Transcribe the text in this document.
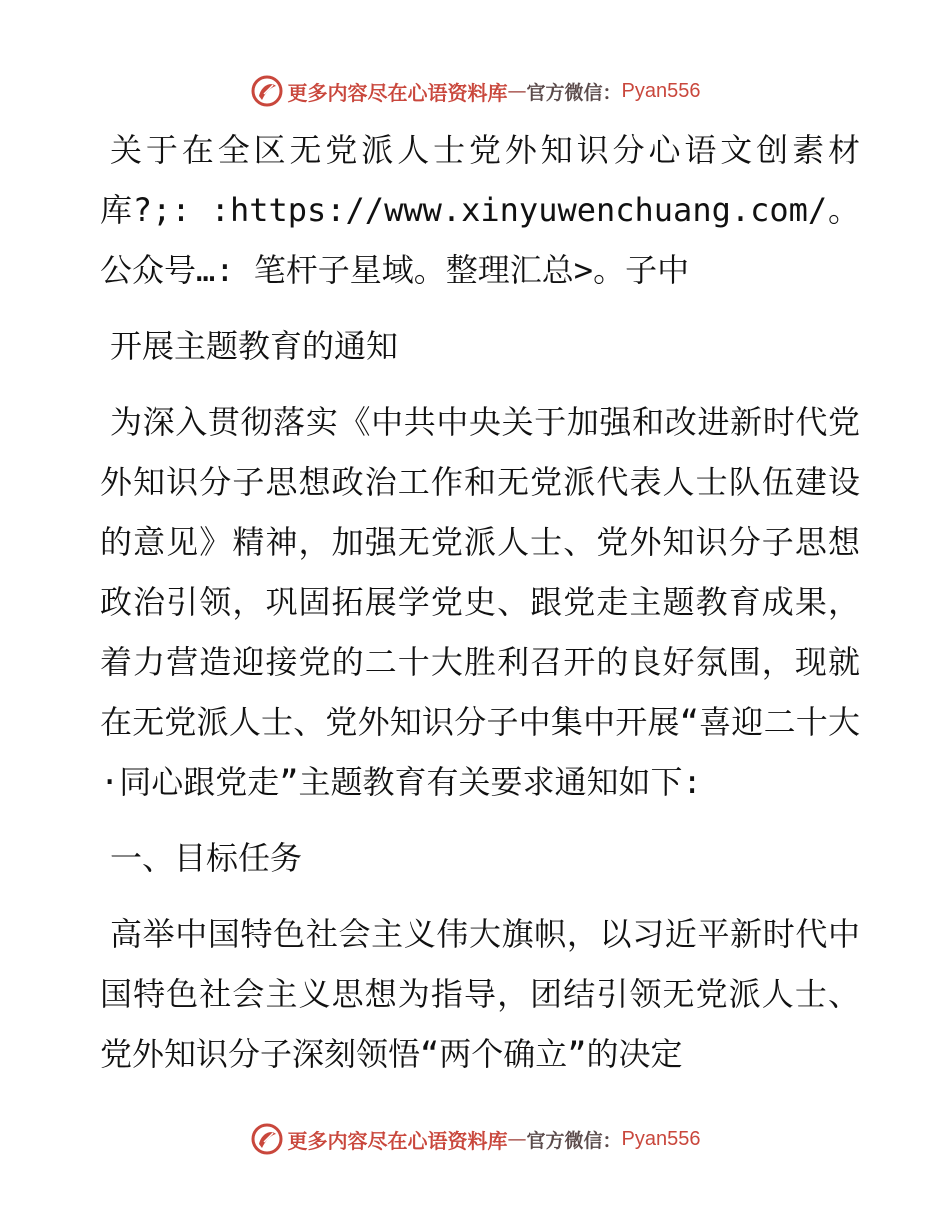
更多内容尽在心语资料库 — 官方微信： Pyan556

关于在全区无党派人士党外知识分心语文创素材库?;: :https://www.xinyuwenchuang.com/。公众号…: 笔杆子星域。整理汇总>。子中

开展主题教育的通知

为深入贯彻落实《中共中央关于加强和改进新时代党外知识分子思想政治工作和无党派代表人士队伍建设的意见》精神，加强无党派人士、党外知识分子思想政治引领，巩固拓展学党史、跟党走主题教育成果，着力营造迎接党的二十大胜利召开的良好氛围，现就在无党派人士、党外知识分子中集中开展“喜迎二十大·同心跟党走”主题教育有关要求通知如下:

一、目标任务

高举中国特色社会主义伟大旗帜，以习近平新时代中国特色社会主义思想为指导，团结引领无党派人士、党外知识分子深刻领悟“两个确立”的决定

更多内容尽在心语资料库 — 官方微信： Pyan556
